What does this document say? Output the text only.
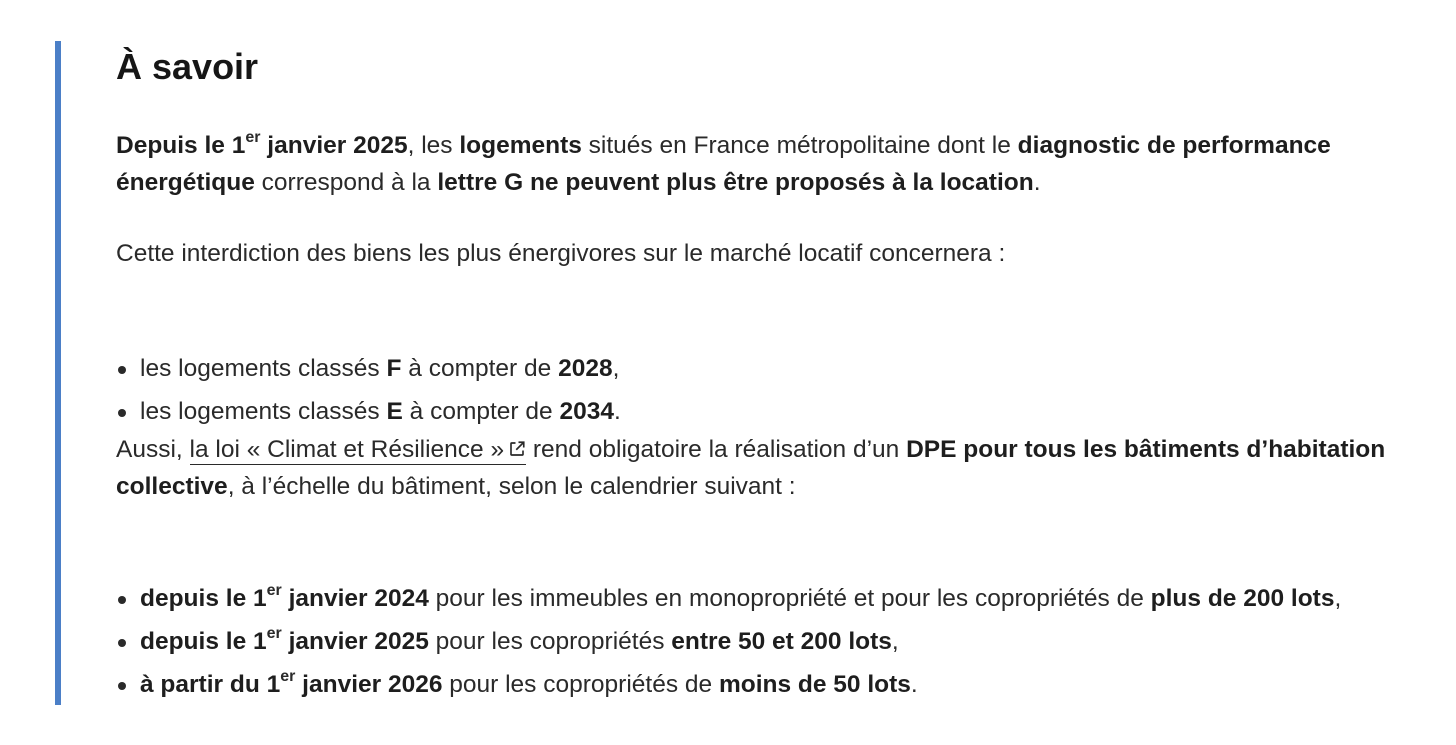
À savoir

Depuis le 1er janvier 2025, les logements situés en France métropolitaine dont le diagnostic de performance énergétique correspond à la lettre G ne peuvent plus être proposés à la location.

Cette interdiction des biens les plus énergivores sur le marché locatif concernera :

les logements classés F à compter de 2028,
les logements classés E à compter de 2034.

Aussi, la loi « Climat et Résilience » rend obligatoire la réalisation d’un DPE pour tous les bâtiments d’habitation collective, à l’échelle du bâtiment, selon le calendrier suivant :

depuis le 1er janvier 2024 pour les immeubles en monopropriété et pour les copropriétés de plus de 200 lots,
depuis le 1er janvier 2025 pour les copropriétés entre 50 et 200 lots,
à partir du 1er janvier 2026 pour les copropriétés de moins de 50 lots.
